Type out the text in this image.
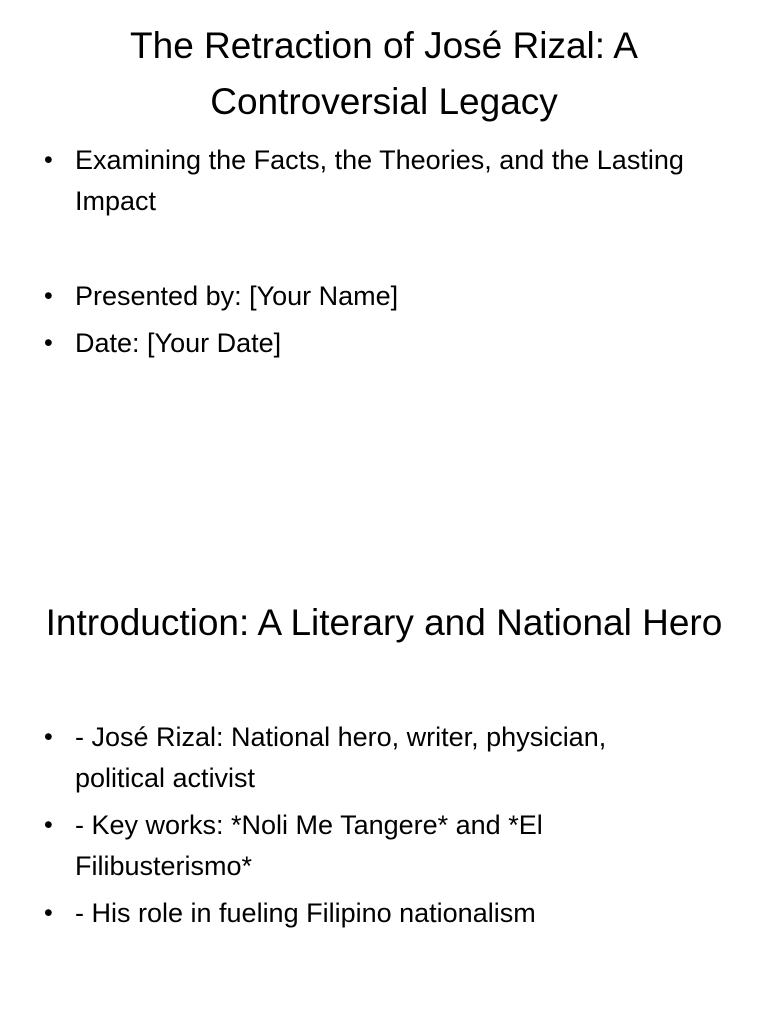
The Retraction of José Rizal: A Controversial Legacy
• Examining the Facts, the Theories, and the Lasting Impact
• Presented by: [Your Name]
• Date: [Your Date]
Introduction: A Literary and National Hero
• - José Rizal: National hero, writer, physician, political activist
• - Key works: *Noli Me Tangere* and *El Filibusterismo*
• - His role in fueling Filipino nationalism
